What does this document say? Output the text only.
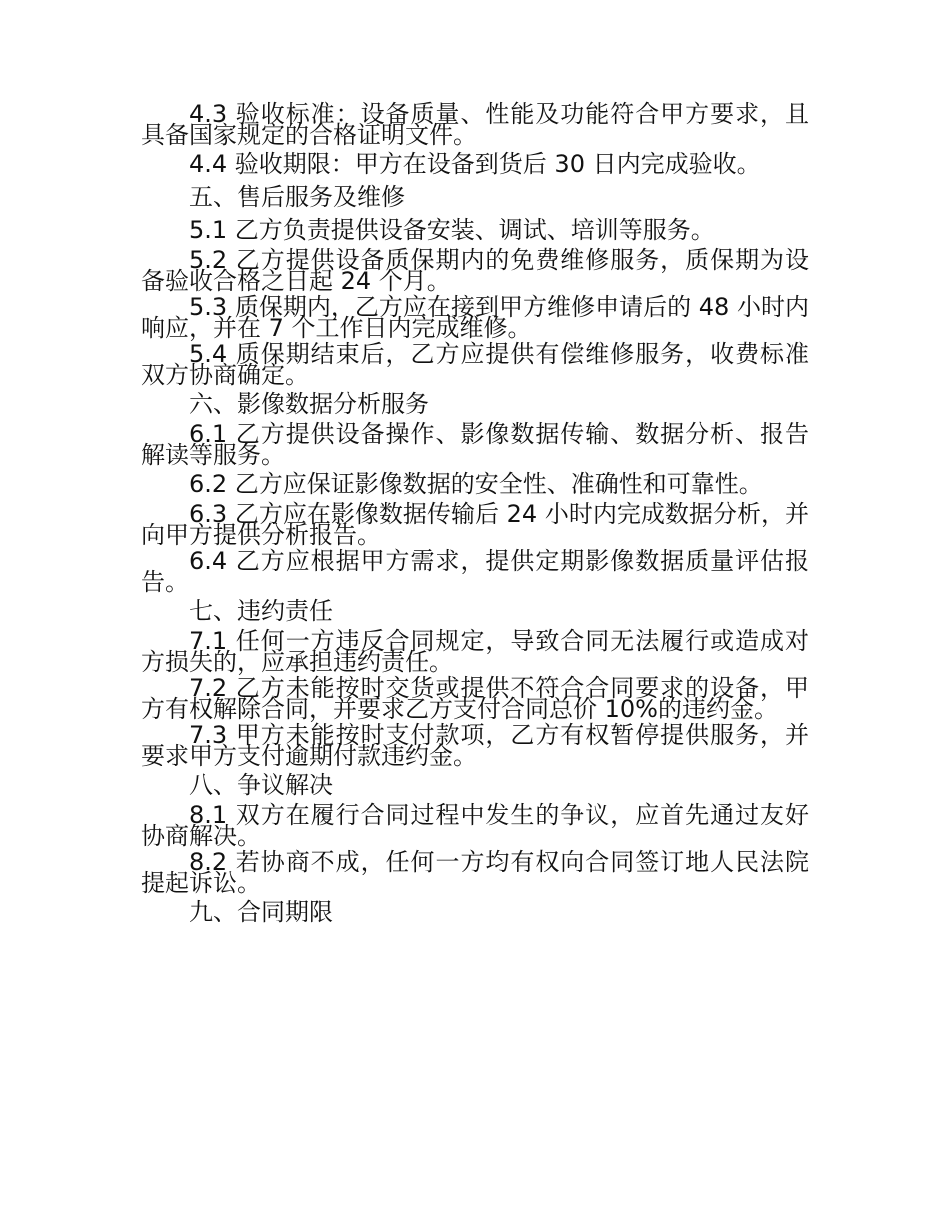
4.3 验收标准：设备质量、性能及功能符合甲方要求，且具备国家规定的合格证明文件。

4.4 验收期限：甲方在设备到货后 30 日内完成验收。

五、售后服务及维修

5.1 乙方负责提供设备安装、调试、培训等服务。

5.2 乙方提供设备质保期内的免费维修服务，质保期为设备验收合格之日起 24 个月。

5.3 质保期内，乙方应在接到甲方维修申请后的 48 小时内响应，并在 7 个工作日内完成维修。

5.4 质保期结束后，乙方应提供有偿维修服务，收费标准双方协商确定。

六、影像数据分析服务

6.1 乙方提供设备操作、影像数据传输、数据分析、报告解读等服务。

6.2 乙方应保证影像数据的安全性、准确性和可靠性。

6.3 乙方应在影像数据传输后 24 小时内完成数据分析，并向甲方提供分析报告。

6.4 乙方应根据甲方需求，提供定期影像数据质量评估报告。

七、违约责任

7.1 任何一方违反合同规定，导致合同无法履行或造成对方损失的，应承担违约责任。

7.2 乙方未能按时交货或提供不符合合同要求的设备，甲方有权解除合同，并要求乙方支付合同总价 10%的违约金。

7.3 甲方未能按时支付款项，乙方有权暂停提供服务，并要求甲方支付逾期付款违约金。

八、争议解决

8.1 双方在履行合同过程中发生的争议，应首先通过友好协商解决。

8.2 若协商不成，任何一方均有权向合同签订地人民法院提起诉讼。

九、合同期限
